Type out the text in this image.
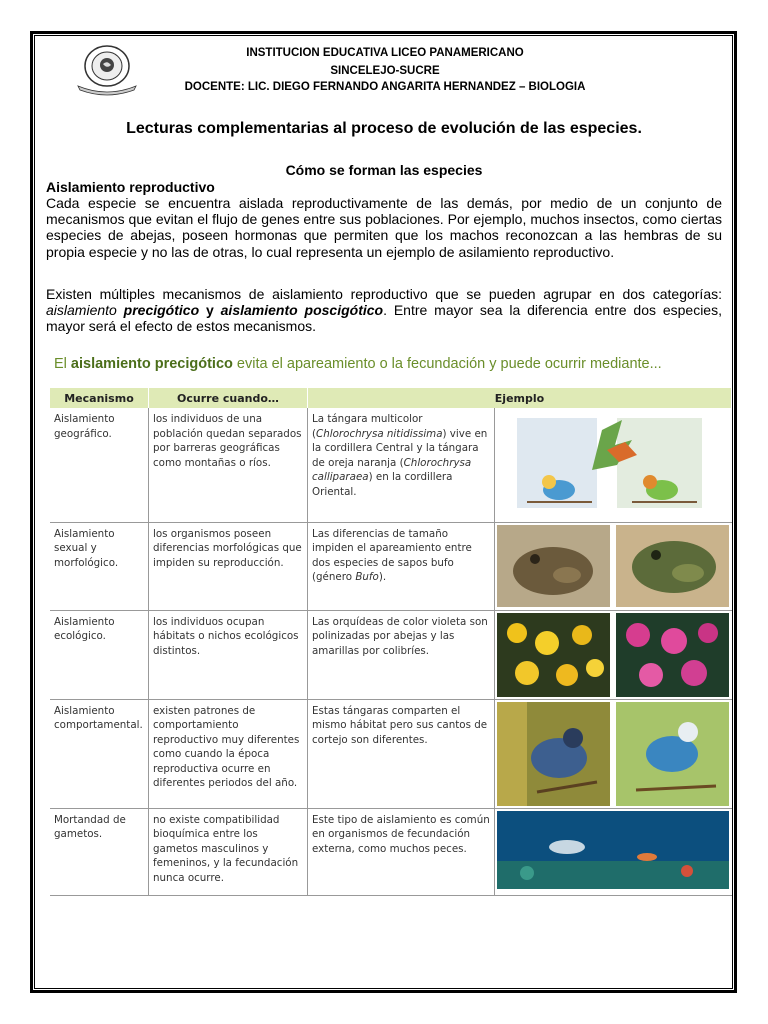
INSTITUCION EDUCATIVA LICEO PANAMERICANO
SINCELEJO-SUCRE
DOCENTE: LIC. DIEGO FERNANDO ANGARITA HERNANDEZ – BIOLOGIA
Lecturas complementarias al proceso de evolución de las especies.
Cómo se forman las especies
Aislamiento reproductivo
Cada especie se encuentra aislada reproductivamente de las demás, por medio de un conjunto de mecanismos que evitan el flujo de genes entre sus poblaciones. Por ejemplo, muchos insectos, como ciertas especies de abejas, poseen hormonas que permiten que los machos reconozcan a las hembras de su propia especie y no las de otras, lo cual representa un ejemplo de asilamiento reproductivo.
Existen múltiples mecanismos de aislamiento reproductivo que se pueden agrupar en dos categorías: aislamiento precigótico y aislamiento poscigótico. Entre mayor sea la diferencia entre dos especies, mayor será el efecto de estos mecanismos.
El aislamiento precigótico evita el apareamiento o la fecundación y puede ocurrir mediante...
Mecanismo	Ocurre cuando…	Ejemplo	
Aislamiento geográfico.	los individuos de una población quedan separados por barreras geográficas como montañas o ríos.	La tángara multicolor (Chlorochrysa nitidissima) vive en la cordillera Central y la tángara de oreja naranja (Chlorochrysa calliparaea) en la cordillera Oriental.	
Aislamiento sexual y morfológico.	los organismos poseen diferencias morfológicas que impiden su reproducción.	Las diferencias de tamaño impiden el apareamiento entre dos especies de sapos bufo (género Bufo).	

Aislamiento ecológico.	los individuos ocupan hábitats o nichos ecológicos distintos.	Las orquídeas de color violeta son polinizadas por abejas y las amarillas por colibríes.	

Aislamiento comportamental.	existen patrones de comportamiento reproductivo muy diferentes como cuando la época reproductiva ocurre en diferentes periodos del año.	Estas tángaras comparten el mismo hábitat pero sus cantos de cortejo son diferentes.	

Mortandad de gametos.	no existe compatibilidad bioquímica entre los gametos masculinos y femeninos, y la fecundación nunca ocurre.	Este tipo de aislamiento es común en organismos de fecundación externa, como muchos peces.	
